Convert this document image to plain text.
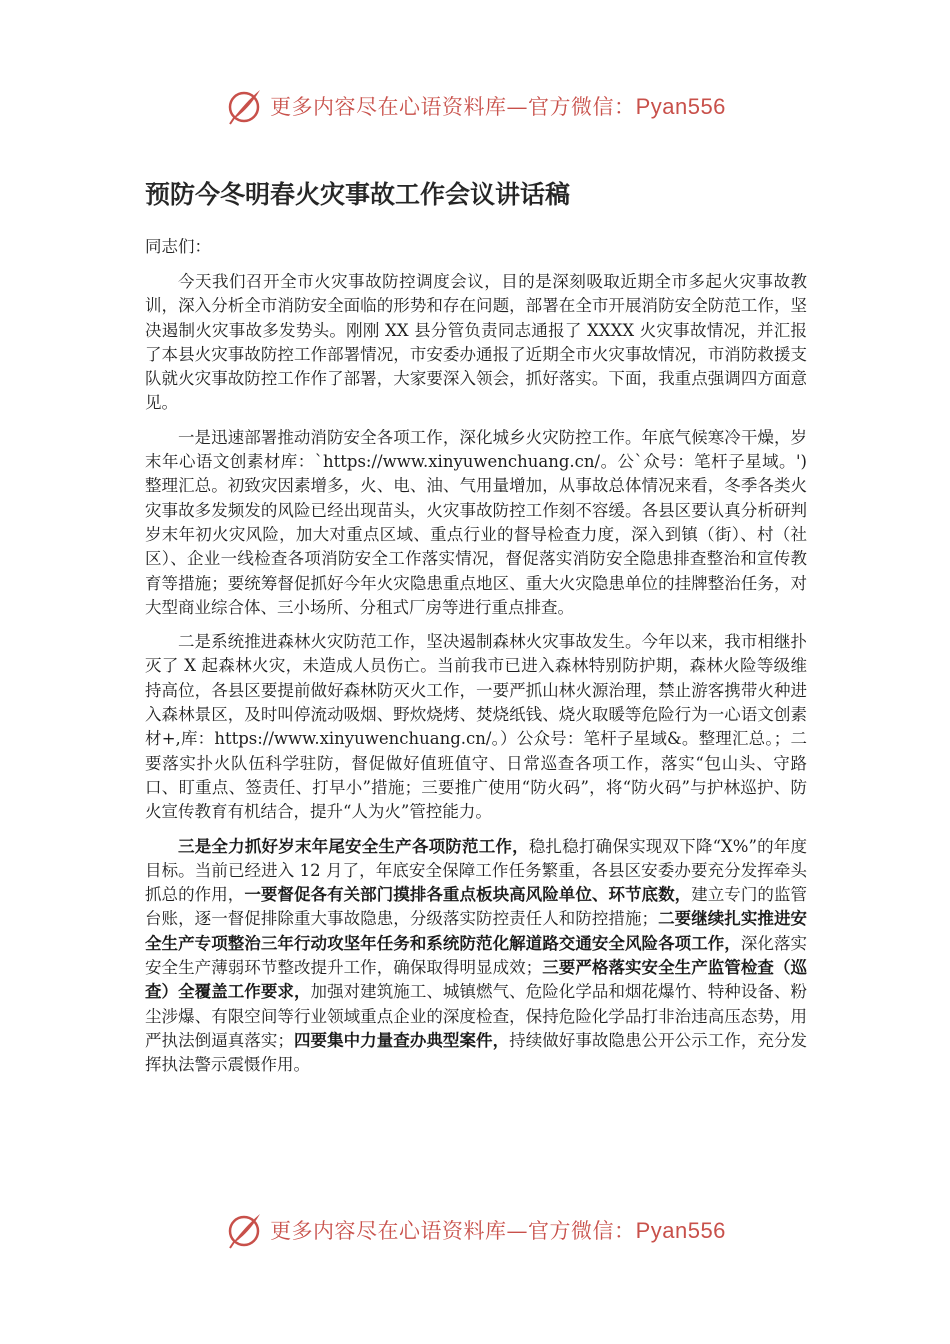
更多内容尽在心语资料库—官方微信：Pyan556
预防今冬明春火灾事故工作会议讲话稿

同志们：

今天我们召开全市火灾事故防控调度会议，目的是深刻吸取近期全市多起火灾事故教训，深入分析全市消防安全面临的形势和存在问题，部署在全市开展消防安全防范工作，坚决遏制火灾事故多发势头。刚刚 XX 县分管负责同志通报了 XXXX 火灾事故情况，并汇报了本县火灾事故防控工作部署情况，市安委办通报了近期全市火灾事故情况，市消防救援支队就火灾事故防控工作作了部署，大家要深入领会，抓好落实。下面，我重点强调四方面意见。

一是迅速部署推动消防安全各项工作，深化城乡火灾防控工作。年底气候寒冷干燥，岁末年心语文创素材库：`https://www.xinyuwenchuang.cn/。公`众号：笔杆子星域。')整理汇总。初致灾因素增多，火、电、油、气用量增加，从事故总体情况来看，冬季各类火灾事故多发频发的风险已经出现苗头，火灾事故防控工作刻不容缓。各县区要认真分析研判岁末年初火灾风险，加大对重点区域、重点行业的督导检查力度，深入到镇（街）、村（社区）、企业一线检查各项消防安全工作落实情况，督促落实消防安全隐患排查整治和宣传教育等措施；要统筹督促抓好今年火灾隐患重点地区、重大火灾隐患单位的挂牌整治任务，对大型商业综合体、三小场所、分租式厂房等进行重点排查。

二是系统推进森林火灾防范工作，坚决遏制森林火灾事故发生。今年以来，我市相继扑灭了 X 起森林火灾，未造成人员伤亡。当前我市已进入森林特别防护期，森林火险等级维持高位，各县区要提前做好森林防灭火工作，一要严抓山林火源治理，禁止游客携带火种进入森林景区，及时叫停流动吸烟、野炊烧烤、焚烧纸钱、烧火取暖等危险行为一心语文创素材+,库：https://www.xinyuwenchuang.cn/。）公众号：笔杆子星域&。整理汇总。；二要落实扑火队伍科学驻防，督促做好值班值守、日常巡查各项工作，落实“包山头、守路口、盯重点、签责任、打早小”措施；三要推广使用“防火码”，将“防火码”与护林巡护、防火宣传教育有机结合，提升“人为火”管控能力。

三是全力抓好岁末年尾安全生产各项防范工作，稳扎稳打确保实现双下降“X%”的年度目标。当前已经进入 12 月了，年底安全保障工作任务繁重，各县区安委办要充分发挥牵头抓总的作用，一要督促各有关部门摸排各重点板块高风险单位、环节底数，建立专门的监管台账，逐一督促排除重大事故隐患，分级落实防控责任人和防控措施；二要继续扎实推进安全生产专项整治三年行动攻坚年任务和系统防范化解道路交通安全风险各项工作，深化落实安全生产薄弱环节整改提升工作，确保取得明显成效；三要严格落实安全生产监管检查（巡查）全覆盖工作要求，加强对建筑施工、城镇燃气、危险化学品和烟花爆竹、特种设备、粉尘涉爆、有限空间等行业领域重点企业的深度检查，保持危险化学品打非治违高压态势，用严执法倒逼真落实；四要集中力量查办典型案件，持续做好事故隐患公开公示工作，充分发挥执法警示震慑作用。

更多内容尽在心语资料库—官方微信：Pyan556
